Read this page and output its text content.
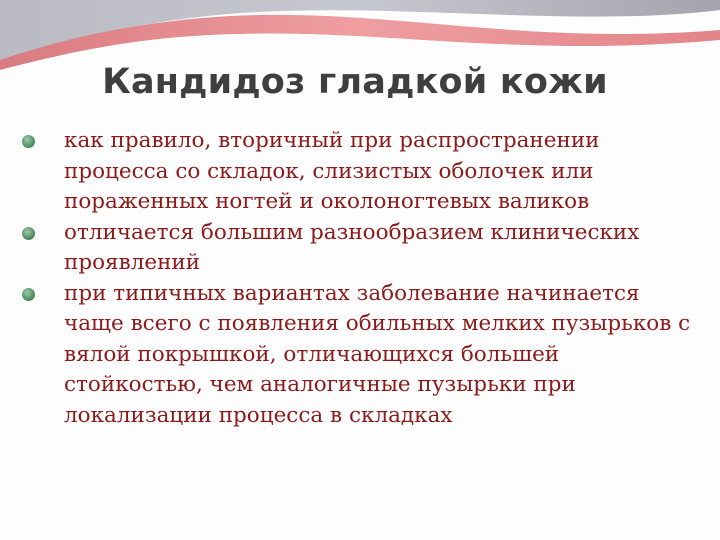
Кандидоз гладкой кожи
как правило, вторичный при распространении процесса со складок, слизистых оболочек или пораженных ногтей и околоногтевых валиков
отличается большим разнообразием клинических проявлений
при типичных вариантах заболевание начинается чаще всего с появления обильных мелких пузырьков с вялой покрышкой, отличающихся большей стойкостью, чем аналогичные пузырьки при локализации процесса в складках
